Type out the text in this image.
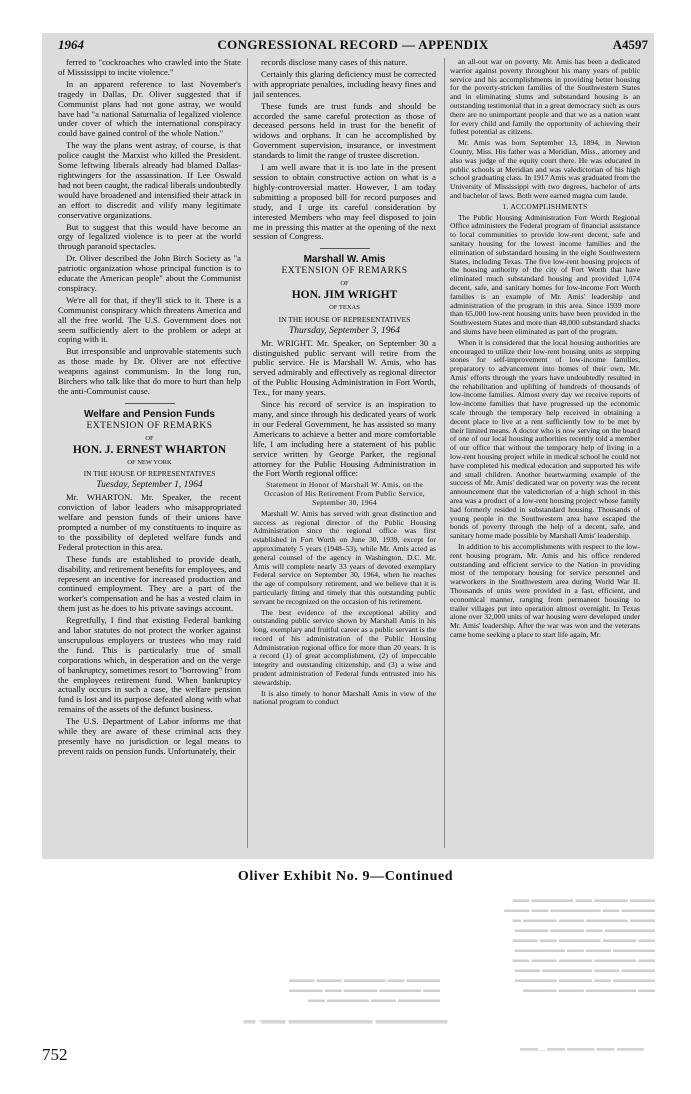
1964	CONGRESSIONAL RECORD — APPENDIX	A4597

ferred to "cockroaches who crawled into the State of Mississippi to incite violence."

In an apparent reference to last November's tragedy in Dallas, Dr. Oliver suggested that if Communist plans had not gone astray, we would have had "a national Saturnalia of legalized violence under cover of which the international conspiracy could have gained control of the whole Nation."

The way the plans went astray, of course, is that police caught the Marxist who killed the President. Some leftwing liberals already had blamed Dallas-rightwingers for the assassination. If Lee Oswald had not been caught, the radical liberals undoubtedly would have broadened and intensified their attack in an effort to discredit and vilify many legitimate conservative organizations.

But to suggest that this would have become an orgy of legalized violence is to peer at the world through paranoid spectacles.

Dr. Oliver described the John Birch Society as "a patriotic organization whose principal function is to educate the American people" about the Communist conspiracy.

We're all for that, if they'll stick to it. There is a Communist conspiracy which threatens America and all the free world. The U.S. Government does not seem sufficiently alert to the problem or adept at coping with it.

But irresponsible and unprovable statements such as those made by Dr. Oliver are not effective weapons against communism. In the long run, Birchers who talk like that do more to hurt than help the anti-Communist cause.

Welfare and Pension Funds

EXTENSION OF REMARKS

OF

HON. J. ERNEST WHARTON

OF NEW YORK

IN THE HOUSE OF REPRESENTATIVES

Tuesday, September 1, 1964

Mr. WHARTON. Mr. Speaker, the recent conviction of labor leaders who misappropriated welfare and pension funds of their unions have prompted a number of my constituents to inquire as to the possibility of depleted welfare funds and Federal protection in this area.

These funds are established to provide death, disability, and retirement benefits for employees, and represent an incentive for increased production and continued employment. They are a part of the worker's compensation and he has a vested claim in them just as he does to his private savings account.

Regretfully, I find that existing Federal banking and labor statutes do not protect the worker against unscrupulous employers or trustees who may raid the fund. This is particularly true of small corporations which, in desperation and on the verge of bankruptcy, sometimes resort to "borrowing" from the employees retirement fund. When bankruptcy actually occurs in such a case, the welfare pension fund is lost and its purpose defeated along with what remains of the assets of the defunct business.

The U.S. Department of Labor informs me that while they are aware of these criminal acts they presently have no jurisdiction or legal means to prevent raids on pension funds. Unfortunately, their

records disclose many cases of this nature.

Certainly this glaring deficiency must be corrected with appropriate penalties, including heavy fines and jail sentences.

These funds are trust funds and should be accorded the same careful protection as those of deceased persons held in trust for the benefit of widows and orphans. It can be accomplished by Government supervision, insurance, or investment standards to limit the range of trustee discretion.

I am well aware that it is too late in the present session to obtain constructive action on what is a highly-controversial matter. However, I am today submitting a proposed bill for record purposes and study, and I urge its careful consideration by interested Members who may feel disposed to join me in pressing this matter at the opening of the next session of Congress.

Marshall W. Amis

EXTENSION OF REMARKS

OF

HON. JIM WRIGHT

OF TEXAS

IN THE HOUSE OF REPRESENTATIVES

Thursday, September 3, 1964

Mr. WRIGHT. Mr. Speaker, on September 30 a distinguished public servant will retire from the public service. He is Marshall W. Amis, who has served admirably and effectively as regional director of the Public Housing Administration in Fort Worth, Tex., for many years.

Since his record of service is an inspiration to many, and since through his dedicated years of work in our Federal Government, he has assisted so many Americans to achieve a better and more comfortable life, I am including here a statement of his public service written by George Parker, the regional attorney for the Public Housing Administration in the Fort Worth regional office:

Statement in Honor of Marshall W. Amis, on the Occasion of His Retirement From Public Service, September 30, 1964

Marshall W. Amis has served with great distinction and success as regional director of the Public Housing Administration since the regional office was first established in Fort Worth on June 30, 1939, except for approximately 5 years (1948–53), while Mr. Amis acted as general counsel of the agency in Washington, D.C. Mr. Amis will complete nearly 33 years of devoted exemplary Federal service on September 30, 1964, when he reaches the age of compulsory retirement, and we believe that it is particularly fitting and timely that this outstanding public servant be recognized on the occasion of his retirement.

The best evidence of the exceptional ability and outstanding public service shown by Marshall Amis in his long, exemplary and fruitful career as a public servant is the record of his administration of the Public Housing Administration regional office for more than 20 years. It is a record (1) of great accomplishment, (2) of impeccable integrity and outstanding citizenship, and (3) a wise and prudent administration of Federal funds entrusted into his stewardship.

It is also timely to honor Marshall Amis in view of the national program to conduct

an all-out war on poverty. Mr. Amis has been a dedicated warrior against poverty throughout his many years of public service and his accomplishments in providing better housing for the poverty-stricken families of the Southwestern States and in eliminating slums and substandard housing is an outstanding testimonial that in a great democracy such as ours there are no unimportant people and that we as a nation want for every child and family the opportunity of achieving their fullest potential as citizens.

Mr. Amis was born September 13, 1894, in Newton County, Miss. His father was a Meridian, Miss., attorney and also was judge of the equity court there. He was educated in public schools at Meridian and was valedictorian of his high school graduating class. In 1917 Amis was graduated from the University of Mississippi with two degrees, bachelor of arts and bachelor of laws. Both were earned magna cum laude.

1. ACCOMPLISHMENTS

The Public Housing Administration Fort Worth Regional Office administers the Federal program of financial assistance to local communities to provide low-rent decent, safe and sanitary housing for the lowest income families and the elimination of substandard housing in the eight Southwestern States, including Texas. The five low-rent housing projects of the housing authority of the city of Fort Worth that have eliminated much substandard housing and provided 1,074 decent, safe, and sanitary homes for low-income Fort Worth families is an example of Mr. Amis' leadership and administration of the program in this area. Since 1939 more than 65,000 low-rent housing units have been provided in the Southwestern States and more than 48,000 substandard shacks and slums have been eliminated as part of the program.

When it is considered that the local housing authorities are encouraged to utilize their low-rent housing units as stepping stones for self-improvement of low-income families, preparatory to advancement into homes of their own, Mr. Amis' efforts through the years have undoubtedly resulted in the rehabilitation and uplifting of hundreds of thousands of low-income families. Almost every day we receive reports of low-income families that have progressed up the economic scale through the temporary help received in obtaining a decent place to live at a rent sufficiently low to be met by their limited means. A doctor who is now serving on the board of one of our local housing authorities recently told a member of our office that without the temporary help of living in a low-rent housing project while in medical school he could not have completed his medical education and supported his wife and small children. Another heartwarming example of the success of Mr. Amis' dedicated war on poverty was the recent announcement that the valedictorian of a high school in this area was a product of a low-rent housing project whose family had formerly resided in substandard housing. Thousands of young people in the Southwestern area have escaped the bonds of poverty through the help of a decent, safe, and sanitary home made possible by Marshall Amis' leadership.

In addition to his accomplishments with respect to the low-rent housing program, Mr. Amis and his office rendered outstanding and efficient service to the Nation in providing most of the temporary housing for service personnel and warworkers in the Southwestern area during World War II. Thousands of units were provided in a fast, efficient, and economical manner, ranging from permanent housing to trailer villages put into operation almost overnight. In Texas alone over 32,000 units of war housing were developed under Mr. Amis' leadership. After the war was won and the veterans came home seeking a place to start life again, Mr.

Oliver Exhibit No. 9—Continued
▬▬▬ ▬▬▬▬ ▬▬ ▬▬▬▬▬ ▬▬
▬▬▬▬ ▬▬ ▬▬▬▬▬▬ ▬▬ ▬▬▬
▬▬▬ ▬▬▬▬▬ ▬▬▬ ▬▬▬▬ ▬
▬▬▬▬▬▬ ▬▬ ▬▬▬▬ ▬▬▬▬
▬▬ ▬▬▬▬ ▬▬▬▬▬ ▬▬ ▬▬▬
▬▬▬▬▬ ▬▬▬ ▬▬ ▬▬▬▬▬▬
▬▬ ▬▬▬▬▬ ▬▬▬▬ ▬▬▬ ▬▬
▬▬▬▬ ▬▬▬ ▬▬▬▬▬▬ ▬▬▬
▬▬▬▬▬ ▬▬ ▬▬▬▬ ▬▬▬▬▬
▬▬ ▬▬▬▬▬▬ ▬▬▬ ▬▬▬▬
▬▬▬▬ ▬▬ ▬▬▬▬▬ ▬▬▬ ▬▬▬
▬▬ ▬▬▬▬▬ ▬▬▬▬ ▬▬ ▬▬▬▬
▬▬▬▬▬ ▬▬▬ ▬▬▬▬▬ ▬▬
▬▬▬▬▬▬ ▬▬▬▬▬▬▬ ▬▬. ▬
▬▬▬ ▬▬ ▬▬▬ ▬▬—▬▬
752
